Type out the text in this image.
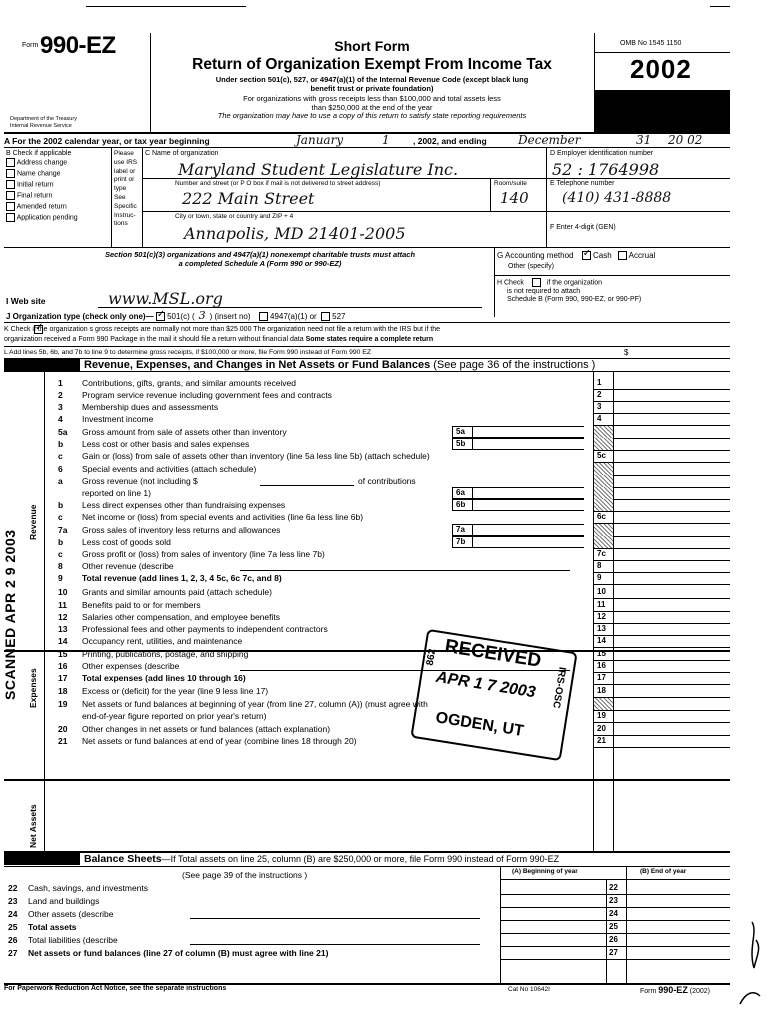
Form 990-EZ
Department of the Treasury
Internal Revenue Service
Short Form
Return of Organization Exempt From Income Tax
Under section 501(c), 527, or 4947(a)(1) of the Internal Revenue Code (except black lung
benefit trust or private foundation)
For organizations with gross receipts less than $100,000 and total assets less
than $250,000 at the end of the year
The organization may have to use a copy of this return to satisfy state reporting requirements
OMB No 1545 1150
2002
A For the 2002 calendar year, or tax year beginning	January	1	, 2002, and ending	December	31 20 02
B Check if applicable
Address change
Name change
Initial return
Final return
Amended return
Application pending
Please
use IRS
label or
print or
type
See
Specific
Instruc-
tions
C Name of organization
Maryland Student Legislature Inc.
Number and street (or P O box if mail is not delivered to street address)	Room/suite
222 Main Street	140
City or town, state or country and ZIP + 4
Annapolis, MD 21401-2005
D Employer identification number
52 : 1764998
E Telephone number
(410) 431-8888
F Enter 4-digit (GEN)
Section 501(c)(3) organizations and 4947(a)(1) nonexempt charitable trusts must attach
a completed Schedule A (Form 990 or 990-EZ)
G Accounting method ✓ Cash Accrual
Other (specify)
H Check	if the organization
is not required to attach
Schedule B (Form 990, 990-EZ, or 990-PF)
I Web site	www.MSL.org
J Organization type (check only one)— ✓ 501(c) ( 3 ) (insert no) 4947(a)(1) or 527
K Check if the organization s gross receipts are normally not more than $25 000 The organization need not file a return with the IRS but if the
organization received a Form 990 Package in the mail it should file a return without financial data Some states require a complete return
✓
L Add lines 5b, 6b, and 7b to line 9 to determine gross receipts, if $100,000 or more, file Form 990 instead of Form 990 EZ	$
Revenue, Expenses, and Changes in Net Assets or Fund Balances (See page 36 of the instructions )
Revenue
Expenses
Net Assets
1 Contributions, gifts, grants, and similar amounts received	1
2 Program service revenue including government fees and contracts	2
3 Membership dues and assessments	3
4 Investment income	4
5a Gross amount from sale of assets other than inventory	5a
b Less cost or other basis and sales expenses	5b
c Gain or (loss) from sale of assets other than inventory (line 5a less line 5b) (attach schedule)	5c
6 Special events and activities (attach schedule)
a Gross revenue (not including $	of contributions
reported on line 1)	6a
b Less direct expenses other than fundraising expenses	6b
c Net income or (loss) from special events and activities (line 6a less line 6b)	6c
7a Gross sales of inventory less returns and allowances	7a
b Less cost of goods sold	7b
c Gross profit or (loss) from sales of inventory (line 7a less line 7b)	7c
8 Other revenue (describe	8
9 Total revenue (add lines 1, 2, 3, 4 5c, 6c 7c, and 8)	9
10 Grants and similar amounts paid (attach schedule)	10
11 Benefits paid to or for members	11
12 Salaries other compensation, and employee benefits	12
13 Professional fees and other payments to independent contractors	13
14 Occupancy rent, utilities, and maintenance	14
15 Printing, publications, postage, and shipping	15
16 Other expenses (describe	16
17 Total expenses (add lines 10 through 16)	17
18 Excess or (deficit) for the year (line 9 less line 17)	18
19 Net assets or fund balances at beginning of year (from line 27, column (A)) (must agree with
end-of-year figure reported on prior year's return)	19
20 Other changes in net assets or fund balances (attach explanation)	20
21 Net assets or fund balances at end of year (combine lines 18 through 20)	21
Balance Sheets—If Total assets on line 25, column (B) are $250,000 or more, file Form 990 instead of Form 990-EZ
(See page 39 of the instructions )	(A) Beginning of year	(B) End of year
22 Cash, savings, and investments	22
23 Land and buildings	23
24 Other assets (describe	24
25 Total assets	25
26 Total liabilities (describe	26
27 Net assets or fund balances (line 27 of column (B) must agree with line 21)	27
For Paperwork Reduction Act Notice, see the separate instructions	Cat No 10642I	Form 990-EZ (2002)
SCANNED APR 2 9 2003	RECEIVED
APR 1 7 2003
OGDEN, UT
862
IRS-OSC
